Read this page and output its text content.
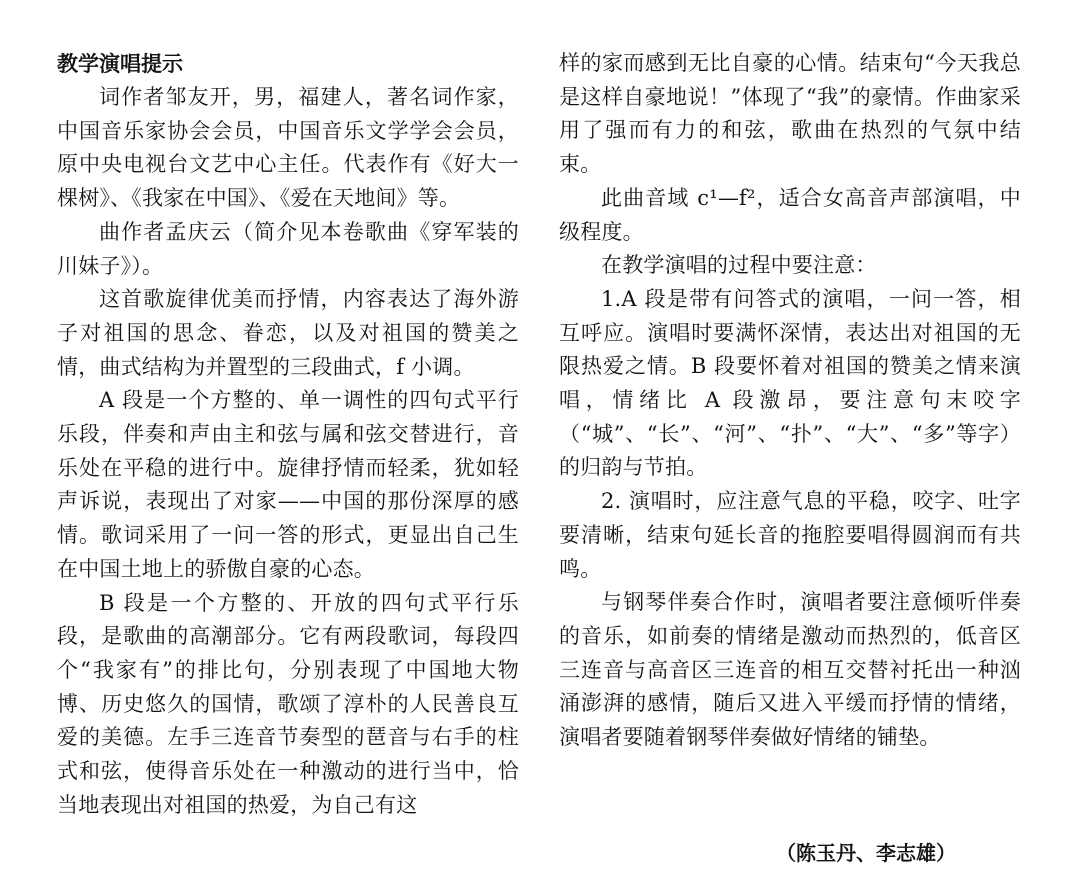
教学演唱提示

词作者邹友开，男，福建人，著名词作家，中国音乐家协会会员，中国音乐文学学会会员，原中央电视台文艺中心主任。代表作有《好大一棵树》、《我家在中国》、《爱在天地间》等。

曲作者孟庆云（简介见本卷歌曲《穿军装的川妹子》）。

这首歌旋律优美而抒情，内容表达了海外游子对祖国的思念、眷恋，以及对祖国的赞美之情，曲式结构为并置型的三段曲式，f 小调。

A 段是一个方整的、单一调性的四句式平行乐段，伴奏和声由主和弦与属和弦交替进行，音乐处在平稳的进行中。旋律抒情而轻柔，犹如轻声诉说，表现出了对家——中国的那份深厚的感情。歌词采用了一问一答的形式，更显出自己生在中国土地上的骄傲自豪的心态。

B 段是一个方整的、开放的四句式平行乐段，是歌曲的高潮部分。它有两段歌词，每段四个“我家有”的排比句，分别表现了中国地大物博、历史悠久的国情，歌颂了淳朴的人民善良互爱的美德。左手三连音节奏型的琶音与右手的柱式和弦，使得音乐处在一种激动的进行当中，恰当地表现出对祖国的热爱，为自己有这

样的家而感到无比自豪的心情。结束句“今天我总是这样自豪地说！”体现了“我”的豪情。作曲家采用了强而有力的和弦，歌曲在热烈的气氛中结束。

此曲音域 c¹—f²，适合女高音声部演唱，中级程度。

在教学演唱的过程中要注意：

1.A 段是带有问答式的演唱，一问一答，相互呼应。演唱时要满怀深情，表达出对祖国的无限热爱之情。B 段要怀着对祖国的赞美之情来演唱，情绪比 A 段激昂，要注意句末咬字（“城”、“长”、“河”、“扑”、“大”、“多”等字）的归韵与节拍。

2. 演唱时，应注意气息的平稳，咬字、吐字要清晰，结束句延长音的拖腔要唱得圆润而有共鸣。

与钢琴伴奏合作时，演唱者要注意倾听伴奏的音乐，如前奏的情绪是激动而热烈的，低音区三连音与高音区三连音的相互交替衬托出一种汹涌澎湃的感情，随后又进入平缓而抒情的情绪，演唱者要随着钢琴伴奏做好情绪的铺垫。

（陈玉丹、李志雄）
